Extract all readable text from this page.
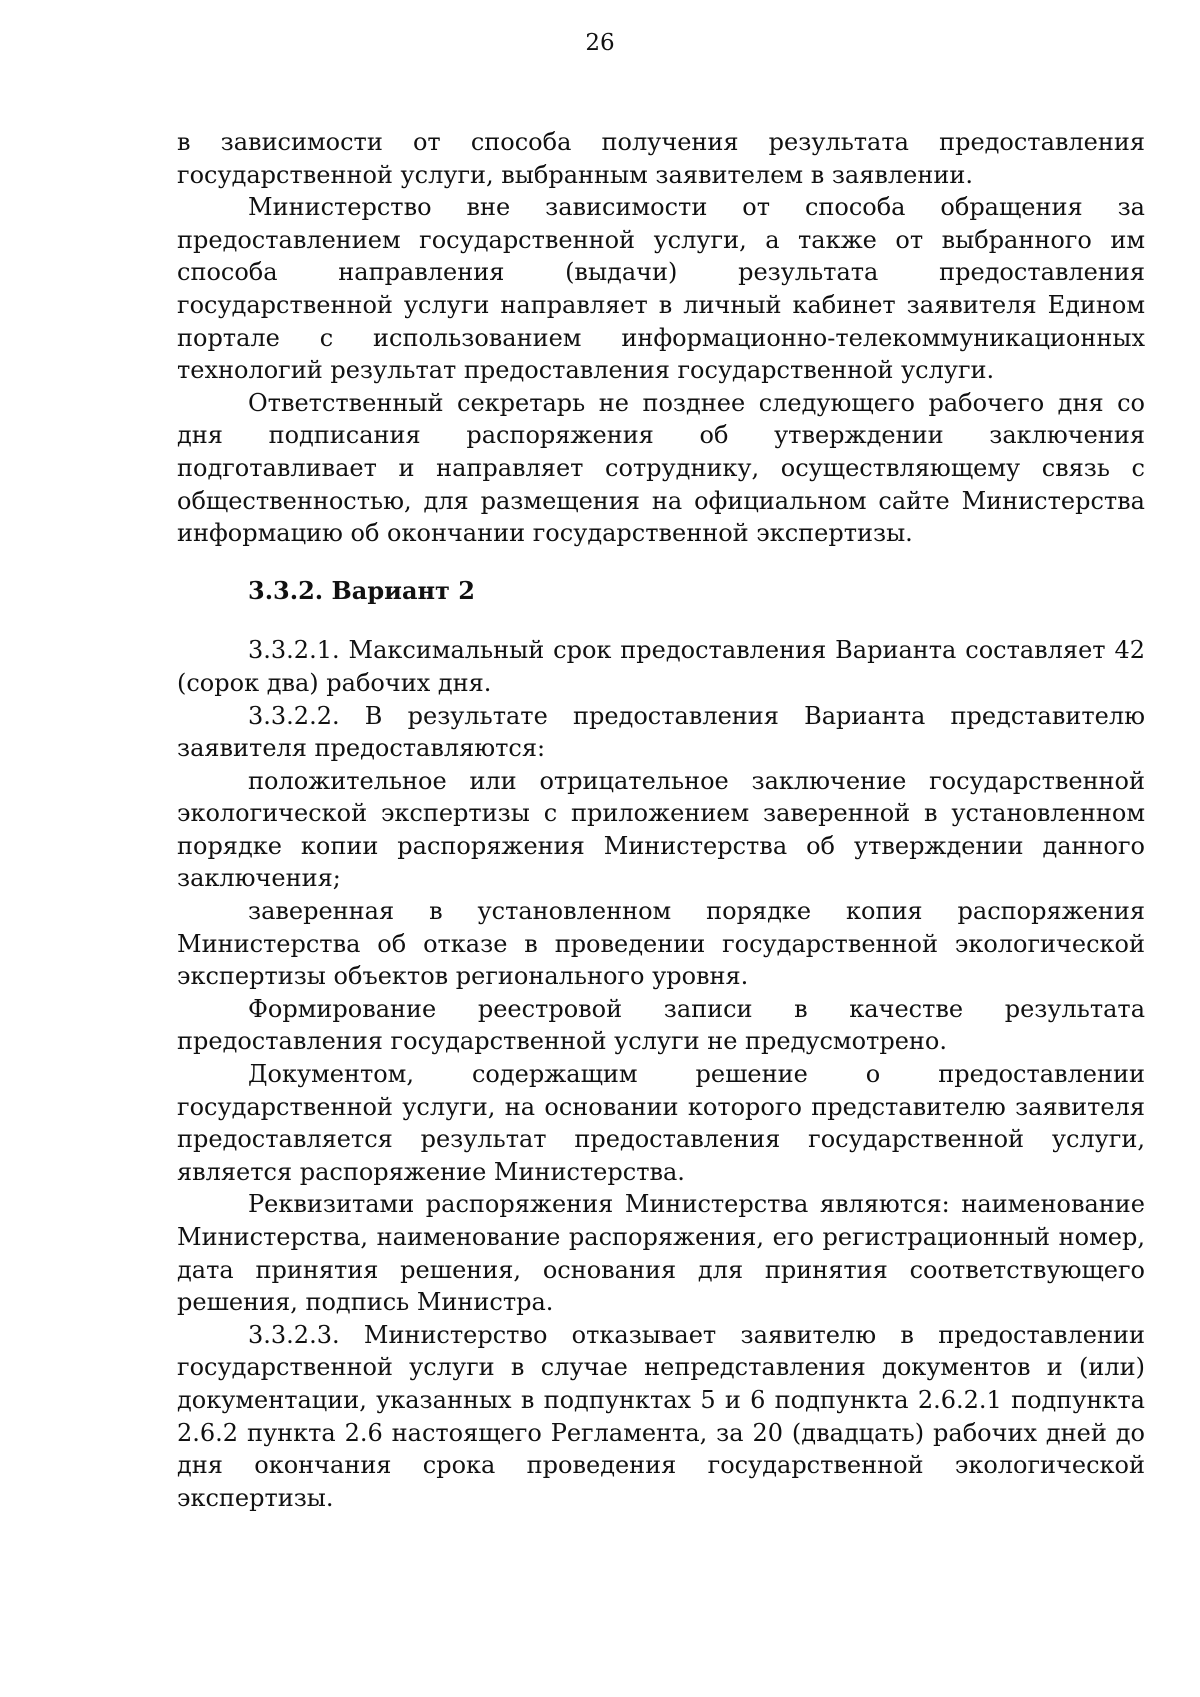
26

в зависимости от способа получения результата предоставления государственной услуги, выбранным заявителем в заявлении.

Министерство вне зависимости от способа обращения за предоставлением государственной услуги, а также от выбранного им способа направления (выдачи) результата предоставления государственной услуги направляет в личный кабинет заявителя Едином портале с использованием информационно-телекоммуникационных технологий результат предоставления государственной услуги.

Ответственный секретарь не позднее следующего рабочего дня со дня подписания распоряжения об утверждении заключения подготавливает и направляет сотруднику, осуществляющему связь с общественностью, для размещения на официальном сайте Министерства информацию об окончании государственной экспертизы.

3.3.2. Вариант 2

3.3.2.1. Максимальный срок предоставления Варианта составляет 42 (сорок два) рабочих дня.

3.3.2.2. В результате предоставления Варианта представителю заявителя предоставляются:

положительное или отрицательное заключение государственной экологической экспертизы с приложением заверенной в установленном порядке копии распоряжения Министерства об утверждении данного заключения;

заверенная в установленном порядке копия распоряжения Министерства об отказе в проведении государственной экологической экспертизы объектов регионального уровня.

Формирование реестровой записи в качестве результата предоставления государственной услуги не предусмотрено.

Документом, содержащим решение о предоставлении государственной услуги, на основании которого представителю заявителя предоставляется результат предоставления государственной услуги, является распоряжение Министерства.

Реквизитами распоряжения Министерства являются: наименование Министерства, наименование распоряжения, его регистрационный номер, дата принятия решения, основания для принятия соответствующего решения, подпись Министра.

3.3.2.3. Министерство отказывает заявителю в предоставлении государственной услуги в случае непредставления документов и (или) документации, указанных в подпунктах 5 и 6 подпункта 2.6.2.1 подпункта 2.6.2 пункта 2.6 настоящего Регламента, за 20 (двадцать) рабочих дней до дня окончания срока проведения государственной экологической экспертизы.
